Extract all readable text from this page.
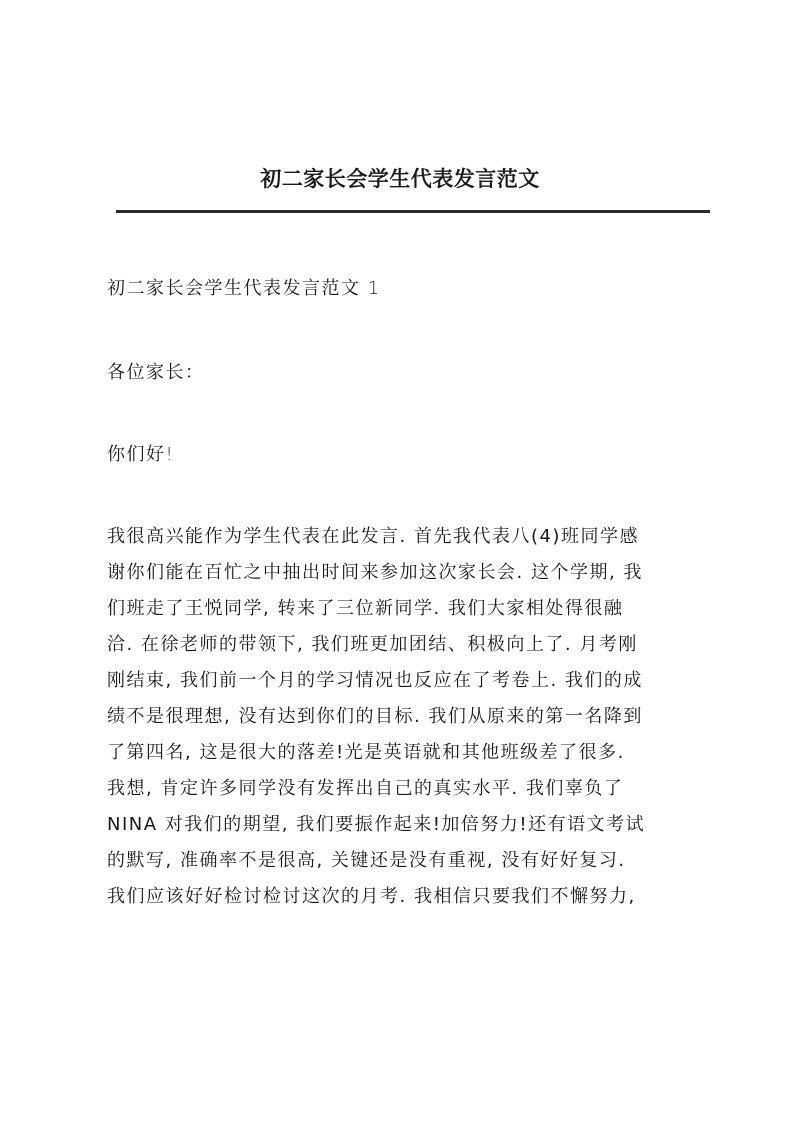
初二家长会学生代表发言范文
初二家长会学生代表发言范文 1
各位家长：
你们好!
我很高兴能作为学生代表在此发言. 首先我代表八(4)班同学感
谢你们能在百忙之中抽出时间来参加这次家长会. 这个学期, 我
们班走了王悦同学, 转来了三位新同学. 我们大家相处得很融
洽. 在徐老师的带领下, 我们班更加团结、积极向上了. 月考刚
刚结束, 我们前一个月的学习情况也反应在了考卷上. 我们的成
绩不是很理想, 没有达到你们的目标. 我们从原来的第一名降到
了第四名, 这是很大的落差!光是英语就和其他班级差了很多.
我想, 肯定许多同学没有发挥出自己的真实水平. 我们辜负了
NINA 对我们的期望, 我们要振作起来!加倍努力!还有语文考试
的默写, 准确率不是很高, 关键还是没有重视, 没有好好复习.
我们应该好好检讨检讨这次的月考. 我相信只要我们不懈努力,
